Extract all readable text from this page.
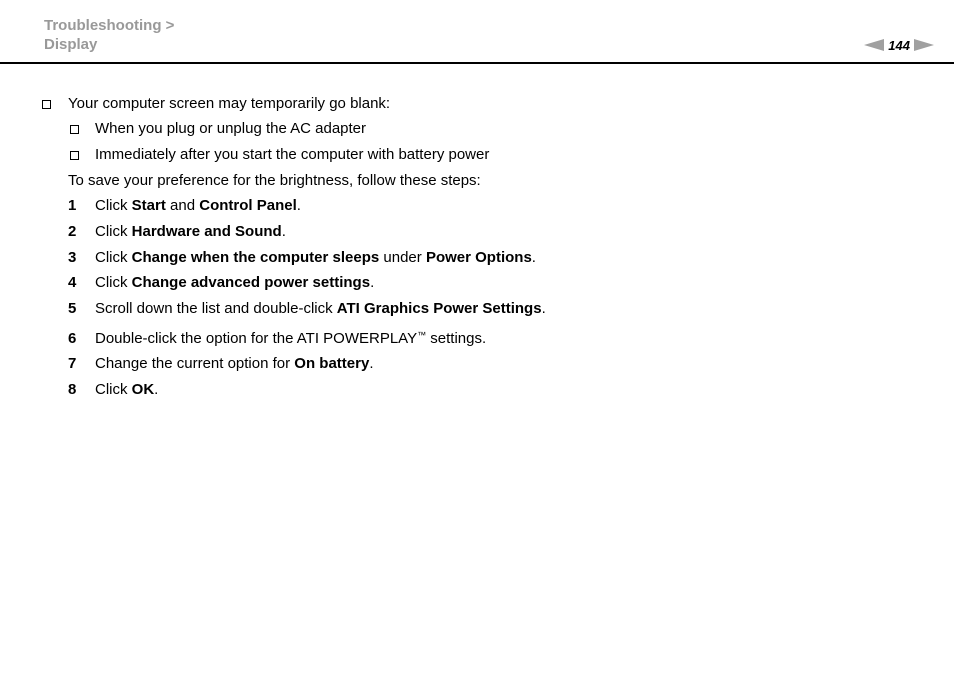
Troubleshooting >
Display	144
Your computer screen may temporarily go blank:
When you plug or unplug the AC adapter
Immediately after you start the computer with battery power
To save your preference for the brightness, follow these steps:
1 Click Start and Control Panel.
2 Click Hardware and Sound.
3 Click Change when the computer sleeps under Power Options.
4 Click Change advanced power settings.
5 Scroll down the list and double-click ATI Graphics Power Settings.
6 Double-click the option for the ATI POWERPLAY™ settings.
7 Change the current option for On battery.
8 Click OK.
